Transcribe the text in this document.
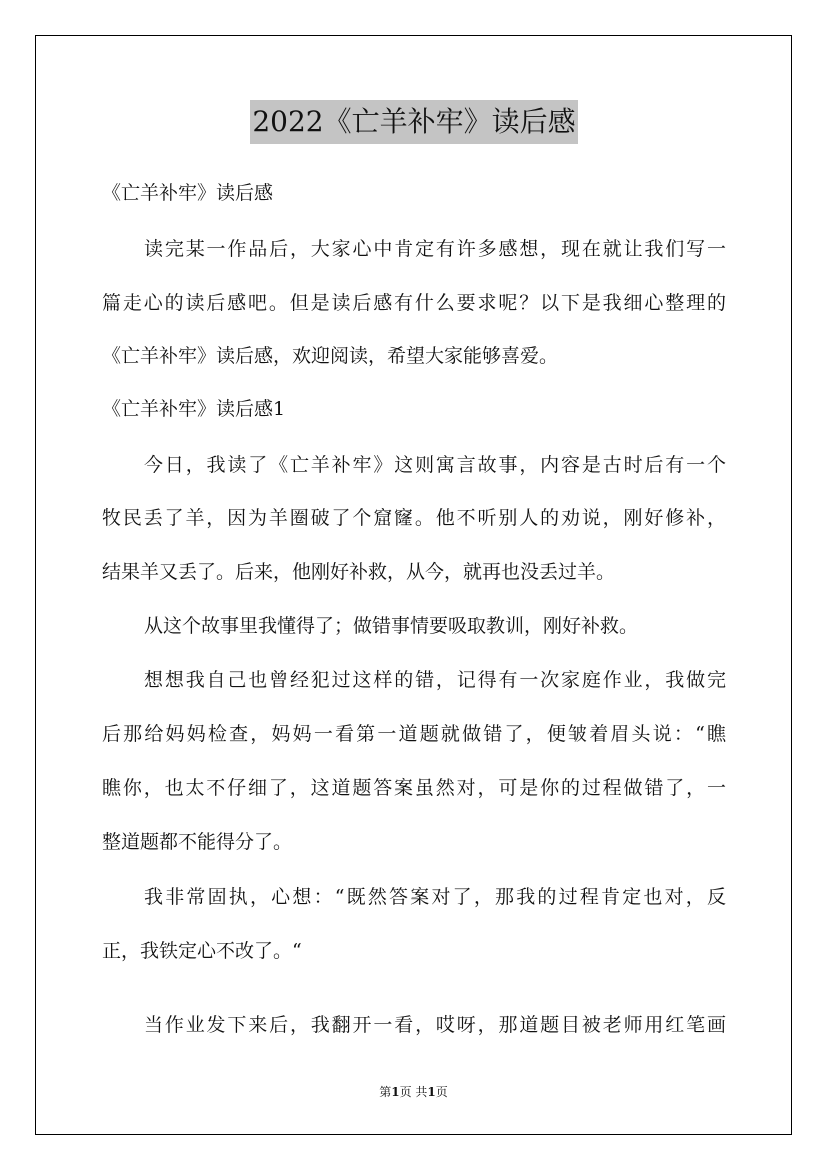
2022《亡羊补牢》读后感
《亡羊补牢》读后感
读完某一作品后，大家心中肯定有许多感想，现在就让我们写一
篇走心的读后感吧。但是读后感有什么要求呢？以下是我细心整理的
《亡羊补牢》读后感，欢迎阅读，希望大家能够喜爱。
《亡羊补牢》读后感1
今日，我读了《亡羊补牢》这则寓言故事，内容是古时后有一个
牧民丢了羊，因为羊圈破了个窟窿。他不听别人的劝说，刚好修补，
结果羊又丢了。后来，他刚好补救，从今，就再也没丢过羊。
从这个故事里我懂得了；做错事情要吸取教训，刚好补救。
想想我自己也曾经犯过这样的错，记得有一次家庭作业，我做完
后那给妈妈检查，妈妈一看第一道题就做错了，便皱着眉头说：“瞧
瞧你，也太不仔细了，这道题答案虽然对，可是你的过程做错了，一
整道题都不能得分了。
我非常固执，心想：“既然答案对了，那我的过程肯定也对，反
正，我铁定心不改了。“
当作业发下来后，我翻开一看，哎呀，那道题目被老师用红笔画
第1页 共1页
